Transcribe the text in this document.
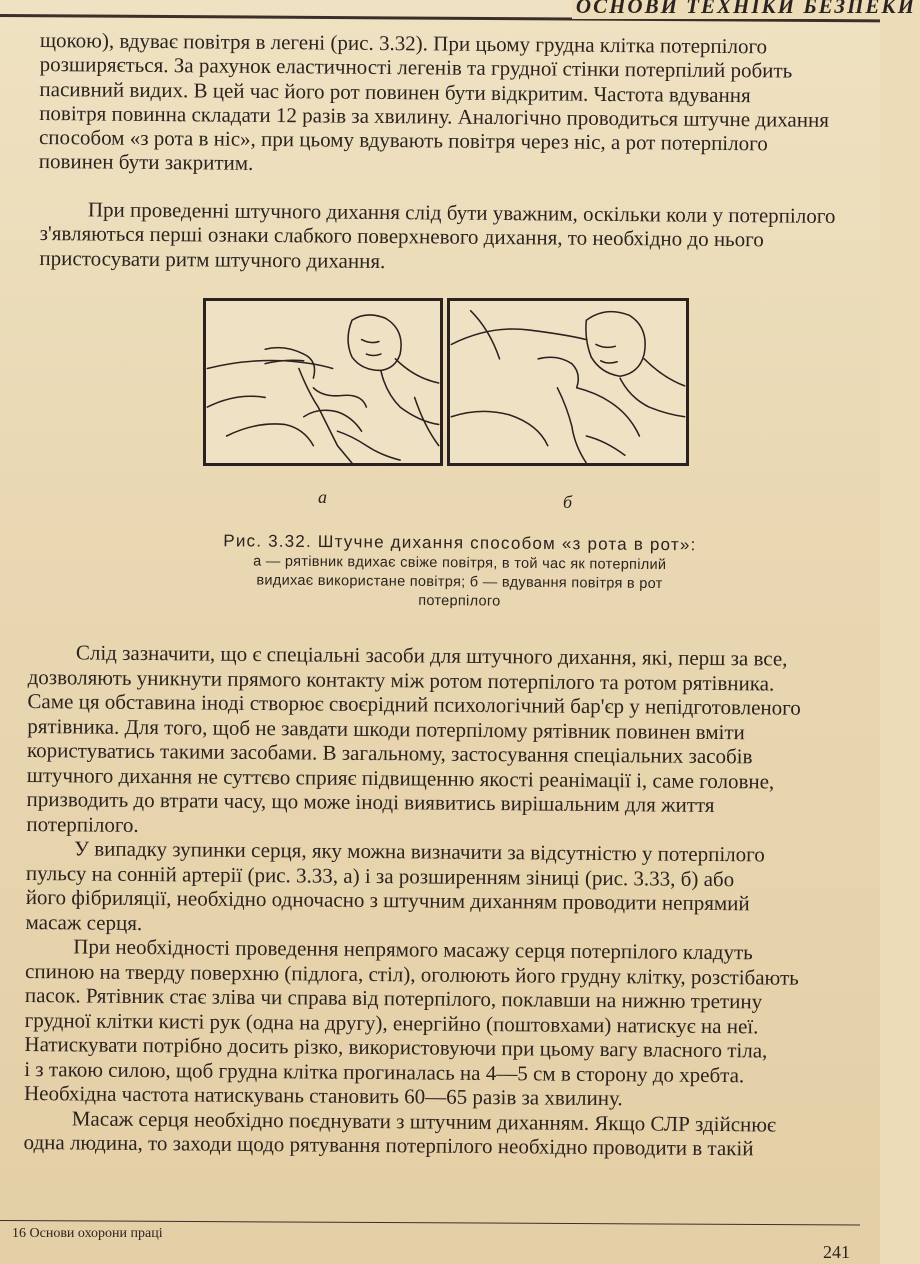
ОСНОВИ ТЕХНІКИ БЕЗПЕКИ
щокою), вдуває повітря в легені (рис. 3.32). При цьому грудна клітка потерпілого
розширяється. За рахунок еластичності легенів та грудної стінки потерпілий робить
пасивний видих. В цей час його рот повинен бути відкритим. Частота вдування
повітря повинна складати 12 разів за хвилину. Аналогічно проводиться штучне дихання
способом «з рота в ніс», при цьому вдувають повітря через ніс, а рот потерпілого
повинен бути закритим.
При проведенні штучного дихання слід бути уважним, оскільки коли у потерпілого
з'являються перші ознаки слабкого поверхневого дихання, то необхідно до нього
пристосувати ритм штучного дихання.
а	б
Рис. 3.32. Штучне дихання способом «з рота в рот»:
а — рятівник вдихає свіже повітря, в той час як потерпілий
видихає використане повітря; б — вдування повітря в рот
потерпілого
Слід зазначити, що є спеціальні засоби для штучного дихання, які, перш за все,
дозволяють уникнути прямого контакту між ротом потерпілого та ротом рятівника.
Саме ця обставина іноді створює своєрідний психологічний бар'єр у непідготовленого
рятівника. Для того, щоб не завдати шкоди потерпілому рятівник повинен вміти
користуватись такими засобами. В загальному, застосування спеціальних засобів
штучного дихання не суттєво сприяє підвищенню якості реанімації і, саме головне,
призводить до втрати часу, що може іноді виявитись вирішальним для життя
потерпілого.
У випадку зупинки серця, яку можна визначити за відсутністю у потерпілого
пульсу на сонній артерії (рис. 3.33, а) і за розширенням зіниці (рис. 3.33, б) або
його фібриляції, необхідно одночасно з штучним диханням проводити непрямий
масаж серця.
При необхідності проведення непрямого масажу серця потерпілого кладуть
спиною на тверду поверхню (підлога, стіл), оголюють його грудну клітку, розстібають
пасок. Рятівник стає зліва чи справа від потерпілого, поклавши на нижню третину
грудної клітки кисті рук (одна на другу), енергійно (поштовхами) натискує на неї.
Натискувати потрібно досить різко, використовуючи при цьому вагу власного тіла,
і з такою силою, щоб грудна клітка прогиналась на 4—5 см в сторону до хребта.
Необхідна частота натискувань становить 60—65 разів за хвилину.
Масаж серця необхідно поєднувати з штучним диханням. Якщо СЛР здійснює
одна людина, то заходи щодо рятування потерпілого необхідно проводити в такій
16 Основи охорони праці
241
